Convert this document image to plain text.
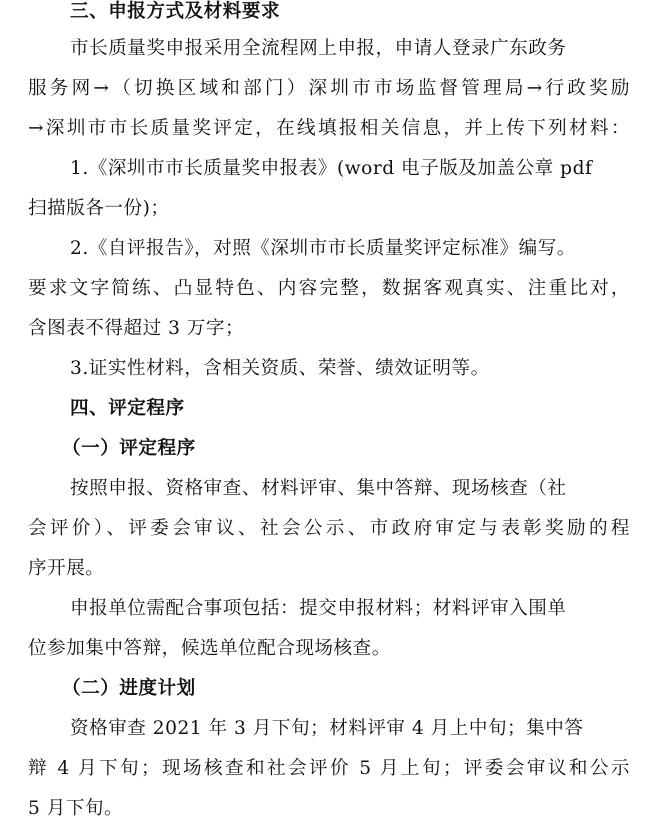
三、申报方式及材料要求
市长质量奖申报采用全流程网上申报，申请人登录广东政务
服务网→（切换区域和部门）深圳市市场监督管理局→行政奖励
→深圳市市长质量奖评定，在线填报相关信息，并上传下列材料：
1.《深圳市市长质量奖申报表》(word 电子版及加盖公章 pdf
扫描版各一份)；
2.《自评报告》，对照《深圳市市长质量奖评定标准》编写。
要求文字简练、凸显特色、内容完整，数据客观真实、注重比对，
含图表不得超过 3 万字；
3.证实性材料，含相关资质、荣誉、绩效证明等。
四、评定程序
（一）评定程序
按照申报、资格审查、材料评审、集中答辩、现场核查（社
会评价）、评委会审议、社会公示、市政府审定与表彰奖励的程
序开展。
申报单位需配合事项包括：提交申报材料；材料评审入围单
位参加集中答辩，候选单位配合现场核查。
（二）进度计划
资格审查 2021 年 3 月下旬；材料评审 4 月上中旬；集中答
辩 4 月下旬；现场核查和社会评价 5 月上旬；评委会审议和公示
5 月下旬。
